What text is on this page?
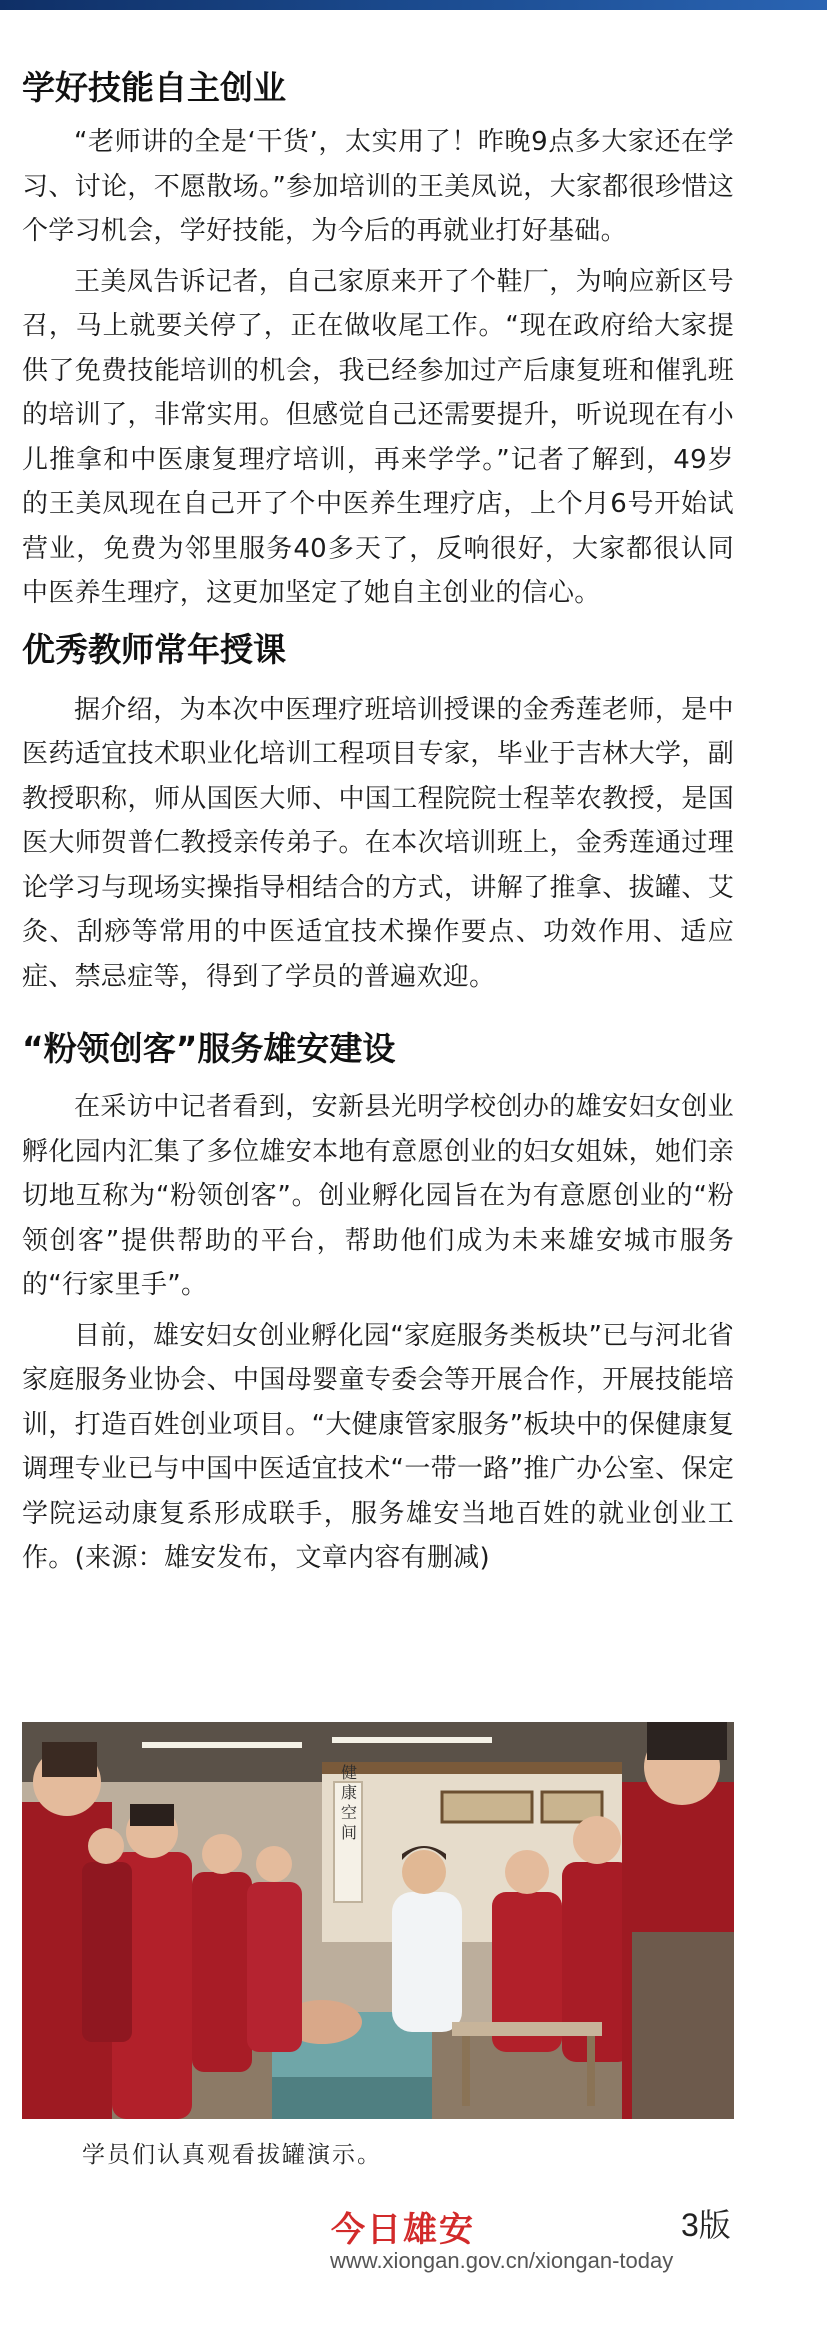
学好技能自主创业

“老师讲的全是‘干货’，太实用了！昨晚9点多大家还在学习、讨论，不愿散场。”参加培训的王美凤说，大家都很珍惜这个学习机会，学好技能，为今后的再就业打好基础。

王美凤告诉记者，自己家原来开了个鞋厂，为响应新区号召，马上就要关停了，正在做收尾工作。“现在政府给大家提供了免费技能培训的机会，我已经参加过产后康复班和催乳班的培训了，非常实用。但感觉自己还需要提升，听说现在有小儿推拿和中医康复理疗培训，再来学学。”记者了解到，49岁的王美凤现在自己开了个中医养生理疗店，上个月6号开始试营业，免费为邻里服务40多天了，反响很好，大家都很认同中医养生理疗，这更加坚定了她自主创业的信心。

优秀教师常年授课

据介绍，为本次中医理疗班培训授课的金秀莲老师，是中医药适宜技术职业化培训工程项目专家，毕业于吉林大学，副教授职称，师从国医大师、中国工程院院士程莘农教授，是国医大师贺普仁教授亲传弟子。在本次培训班上，金秀莲通过理论学习与现场实操指导相结合的方式，讲解了推拿、拔罐、艾灸、刮痧等常用的中医适宜技术操作要点、功效作用、适应症、禁忌症等，得到了学员的普遍欢迎。

“粉领创客”服务雄安建设

在采访中记者看到，安新县光明学校创办的雄安妇女创业孵化园内汇集了多位雄安本地有意愿创业的妇女姐妹，她们亲切地互称为“粉领创客”。创业孵化园旨在为有意愿创业的“粉领创客”提供帮助的平台，帮助他们成为未来雄安城市服务的“行家里手”。

目前，雄安妇女创业孵化园“家庭服务类板块”已与河北省家庭服务业协会、中国母婴童专委会等开展合作，开展技能培训，打造百姓创业项目。“大健康管家服务”板块中的保健康复调理专业已与中国中医适宜技术“一带一路”推广办公室、保定学院运动康复系形成联手，服务雄安当地百姓的就业创业工作。(来源：雄安发布，文章内容有删减)

健康空间
学员们认真观看拔罐演示。
今日雄安	3版
www.xiongan.gov.cn/xiongan-today
